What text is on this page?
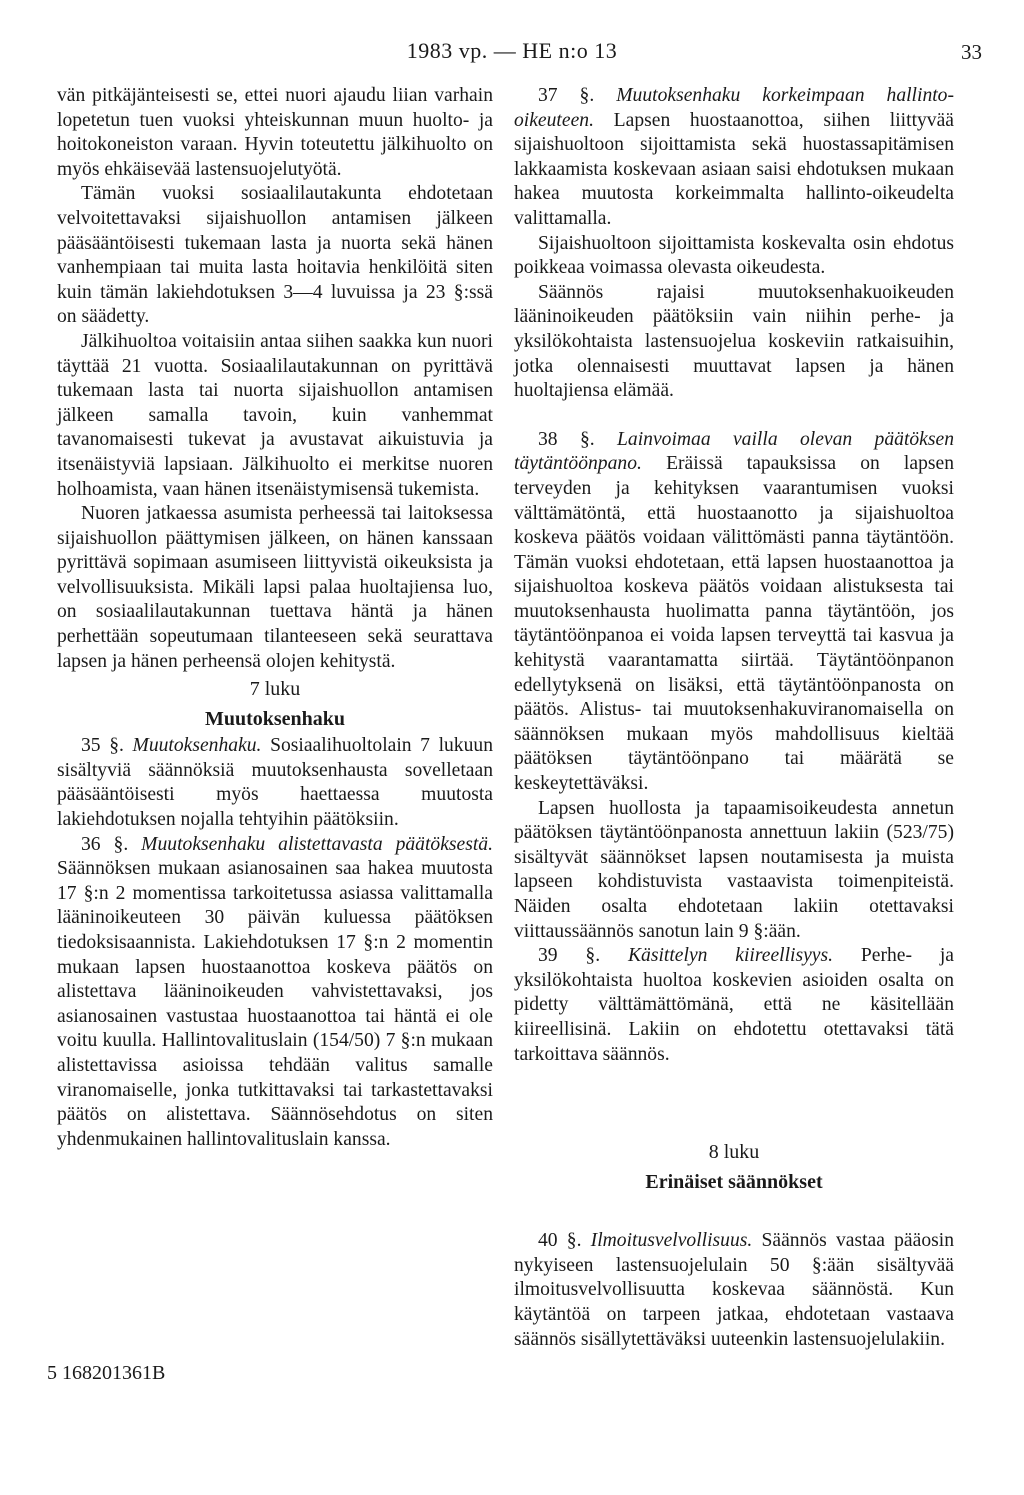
1983 vp. — HE n:o 13	33

vän pitkäjänteisesti se, ettei nuori ajaudu liian varhain lopetetun tuen vuoksi yhteiskunnan muun huolto- ja hoitokoneiston varaan. Hyvin toteutettu jälkihuolto on myös ehkäisevää lastensuojelutyötä.

Tämän vuoksi sosiaalilautakunta ehdotetaan velvoitettavaksi sijaishuollon antamisen jälkeen pääsääntöisesti tukemaan lasta ja nuorta sekä hänen vanhempiaan tai muita lasta hoitavia henkilöitä siten kuin tämän lakiehdotuksen 3—4 luvuissa ja 23 §:ssä on säädetty.

Jälkihuoltoa voitaisiin antaa siihen saakka kun nuori täyttää 21 vuotta. Sosiaalilautakunnan on pyrittävä tukemaan lasta tai nuorta sijaishuollon antamisen jälkeen samalla tavoin, kuin vanhemmat tavanomaisesti tukevat ja avustavat aikuistuvia ja itsenäistyviä lapsiaan. Jälkihuolto ei merkitse nuoren holhoamista, vaan hänen itsenäistymisensä tukemista.

Nuoren jatkaessa asumista perheessä tai laitoksessa sijaishuollon päättymisen jälkeen, on hänen kanssaan pyrittävä sopimaan asumiseen liittyvistä oikeuksista ja velvollisuuksista. Mikäli lapsi palaa huoltajiensa luo, on sosiaalilautakunnan tuettava häntä ja hänen perhettään sopeutumaan tilanteeseen sekä seurattava lapsen ja hänen perheensä olojen kehitystä.

7 luku

Muutoksenhaku

35 §. Muutoksenhaku. Sosiaalihuoltolain 7 lukuun sisältyviä säännöksiä muutoksenhausta sovelletaan pääsääntöisesti myös haettaessa muutosta lakiehdotuksen nojalla tehtyihin päätöksiin.

36 §. Muutoksenhaku alistettavasta päätöksestä. Säännöksen mukaan asianosainen saa hakea muutosta 17 §:n 2 momentissa tarkoitetussa asiassa valittamalla lääninoikeuteen 30 päivän kuluessa päätöksen tiedoksisaannista. Lakiehdotuksen 17 §:n 2 momentin mukaan lapsen huostaanottoa koskeva päätös on alistettava lääninoikeuden vahvistettavaksi, jos asianosainen vastustaa huostaanottoa tai häntä ei ole voitu kuulla. Hallintovalituslain (154/50) 7 §:n mukaan alistettavissa asioissa tehdään valitus samalle viranomaiselle, jonka tutkittavaksi tai tarkastettavaksi päätös on alistettava. Säännösehdotus on siten yhdenmukainen hallintovalituslain kanssa.

37 §. Muutoksenhaku korkeimpaan hallinto-oikeuteen. Lapsen huostaanottoa, siihen liittyvää sijaishuoltoon sijoittamista sekä huostassapitämisen lakkaamista koskevaan asiaan saisi ehdotuksen mukaan hakea muutosta korkeimmalta hallinto-oikeudelta valittamalla.

Sijaishuoltoon sijoittamista koskevalta osin ehdotus poikkeaa voimassa olevasta oikeudesta.

Säännös rajaisi muutoksenhakuoikeuden lääninoikeuden päätöksiin vain niihin perhe- ja yksilökohtaista lastensuojelua koskeviin ratkaisuihin, jotka olennaisesti muuttavat lapsen ja hänen huoltajiensa elämää.

38 §. Lainvoimaa vailla olevan päätöksen täytäntöönpano. Eräissä tapauksissa on lapsen terveyden ja kehityksen vaarantumisen vuoksi välttämätöntä, että huostaanotto ja sijaishuoltoa koskeva päätös voidaan välittömästi panna täytäntöön. Tämän vuoksi ehdotetaan, että lapsen huostaanottoa ja sijaishuoltoa koskeva päätös voidaan alistuksesta tai muutoksenhausta huolimatta panna täytäntöön, jos täytäntöönpanoa ei voida lapsen terveyttä tai kasvua ja kehitystä vaarantamatta siirtää. Täytäntöönpanon edellytyksenä on lisäksi, että täytäntöönpanosta on päätös. Alistus- tai muutoksenhakuviranomaisella on säännöksen mukaan myös mahdollisuus kieltää päätöksen täytäntöönpano tai määrätä se keskeytettäväksi.

Lapsen huollosta ja tapaamisoikeudesta annetun päätöksen täytäntöönpanosta annettuun lakiin (523/75) sisältyvät säännökset lapsen noutamisesta ja muista lapseen kohdistuvista vastaavista toimenpiteistä. Näiden osalta ehdotetaan lakiin otettavaksi viittaussäännös sanotun lain 9 §:ään.

39 §. Käsittelyn kiireellisyys. Perhe- ja yksilökohtaista huoltoa koskevien asioiden osalta on pidetty välttämättömänä, että ne käsitellään kiireellisinä. Lakiin on ehdotettu otettavaksi tätä tarkoittava säännös.

8 luku

Erinäiset säännökset

40 §. Ilmoitusvelvollisuus. Säännös vastaa pääosin nykyiseen lastensuojelulain 50 §:ään sisältyvää ilmoitusvelvollisuutta koskevaa säännöstä. Kun käytäntöä on tarpeen jatkaa, ehdotetaan vastaava säännös sisällytettäväksi uuteenkin lastensuojelulakiin.

5 168201361B
